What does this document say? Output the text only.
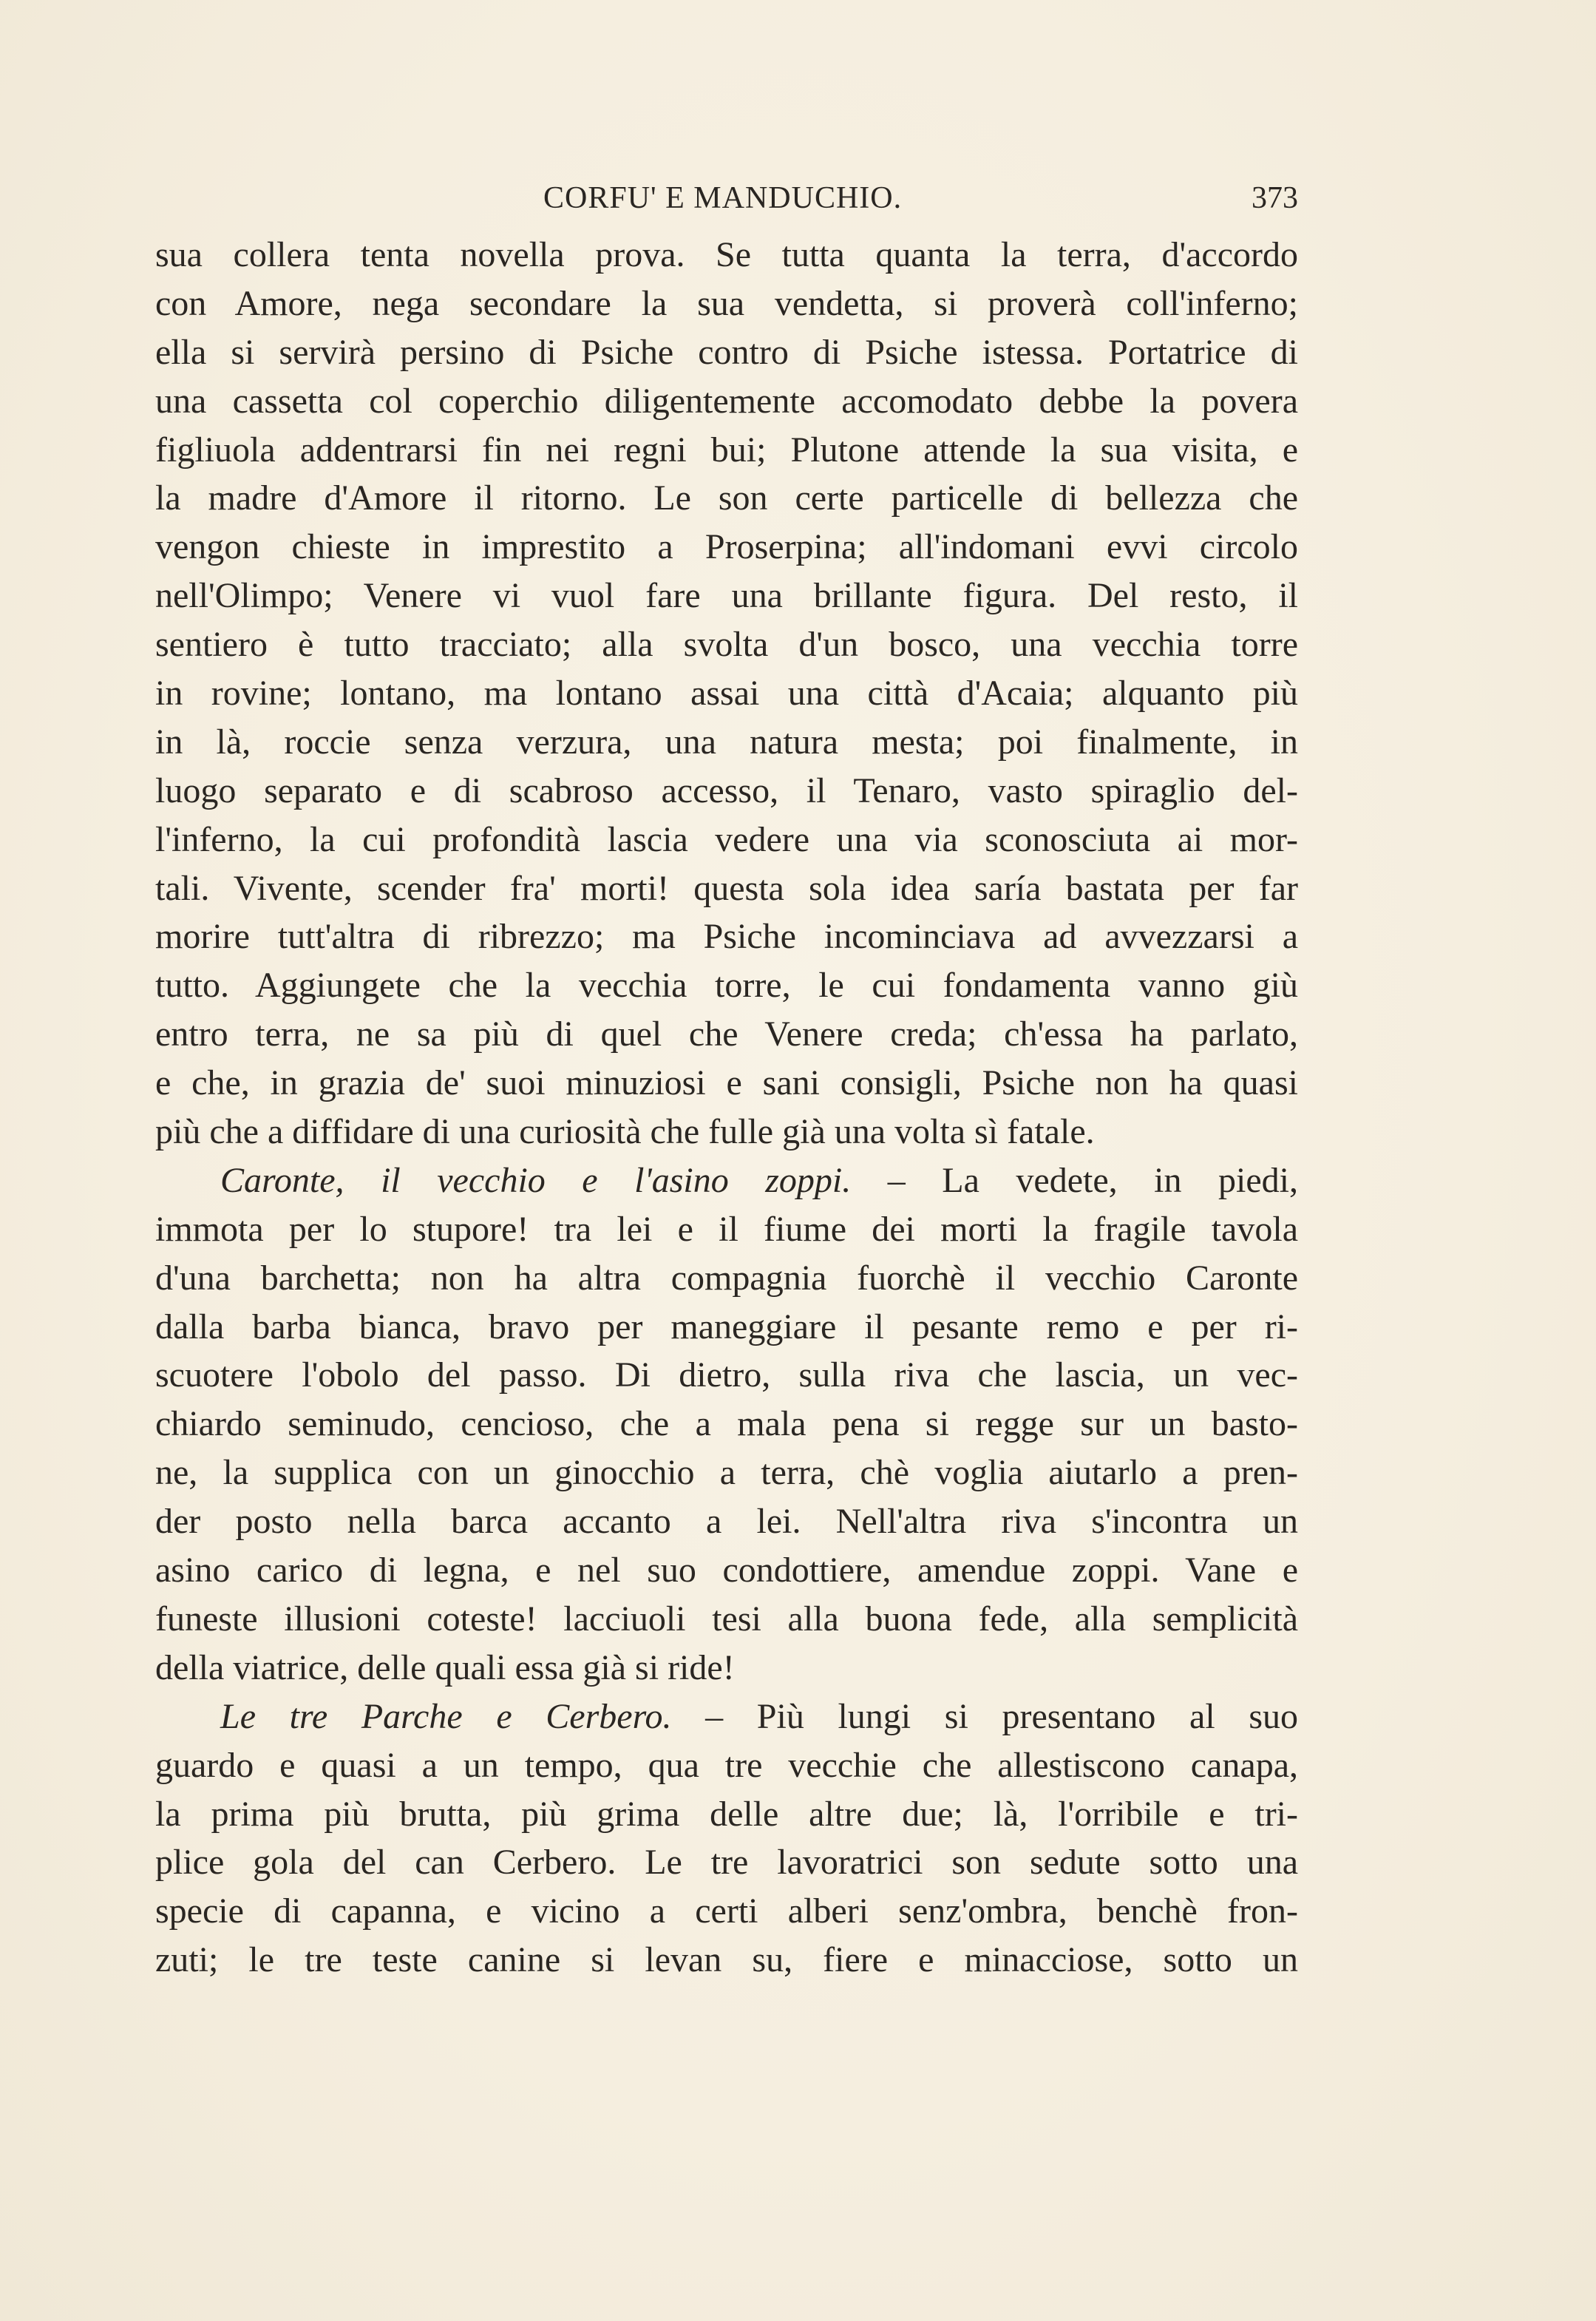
CORFU' E MANDUCHIO.	373
sua collera tenta novella prova. Se tutta quanta la terra, d'accordo
con Amore, nega secondare la sua vendetta, si proverà coll'inferno;
ella si servirà persino di Psiche contro di Psiche istessa. Portatrice di
una cassetta col coperchio diligentemente accomodato debbe la povera
figliuola addentrarsi fin nei regni bui; Plutone attende la sua visita, e
la madre d'Amore il ritorno. Le son certe particelle di bellezza che
vengon chieste in imprestito a Proserpina; all'indomani evvi circolo
nell'Olimpo; Venere vi vuol fare una brillante figura. Del resto, il
sentiero è tutto tracciato; alla svolta d'un bosco, una vecchia torre
in rovine; lontano, ma lontano assai una città d'Acaia; alquanto più
in là, roccie senza verzura, una natura mesta; poi finalmente, in
luogo separato e di scabroso accesso, il Tenaro, vasto spiraglio del-
l'inferno, la cui profondità lascia vedere una via sconosciuta ai mor-
tali. Vivente, scender fra' morti! questa sola idea saría bastata per far
morire tutt'altra di ribrezzo; ma Psiche incominciava ad avvezzarsi a
tutto. Aggiungete che la vecchia torre, le cui fondamenta vanno giù
entro terra, ne sa più di quel che Venere creda; ch'essa ha parlato,
e che, in grazia de' suoi minuziosi e sani consigli, Psiche non ha quasi
più che a diffidare di una curiosità che fulle già una volta sì fatale.
Caronte, il vecchio e l'asino zoppi. – La vedete, in piedi,
immota per lo stupore! tra lei e il fiume dei morti la fragile tavola
d'una barchetta; non ha altra compagnia fuorchè il vecchio Caronte
dalla barba bianca, bravo per maneggiare il pesante remo e per ri-
scuotere l'obolo del passo. Di dietro, sulla riva che lascia, un vec-
chiardo seminudo, cencioso, che a mala pena si regge sur un basto-
ne, la supplica con un ginocchio a terra, chè voglia aiutarlo a pren-
der posto nella barca accanto a lei. Nell'altra riva s'incontra un
asino carico di legna, e nel suo condottiere, amendue zoppi. Vane e
funeste illusioni coteste! lacciuoli tesi alla buona fede, alla semplicità
della viatrice, delle quali essa già si ride!
Le tre Parche e Cerbero. – Più lungi si presentano al suo
guardo e quasi a un tempo, qua tre vecchie che allestiscono canapa,
la prima più brutta, più grima delle altre due; là, l'orribile e tri-
plice gola del can Cerbero. Le tre lavoratrici son sedute sotto una
specie di capanna, e vicino a certi alberi senz'ombra, benchè fron-
zuti; le tre teste canine si levan su, fiere e minacciose, sotto un
